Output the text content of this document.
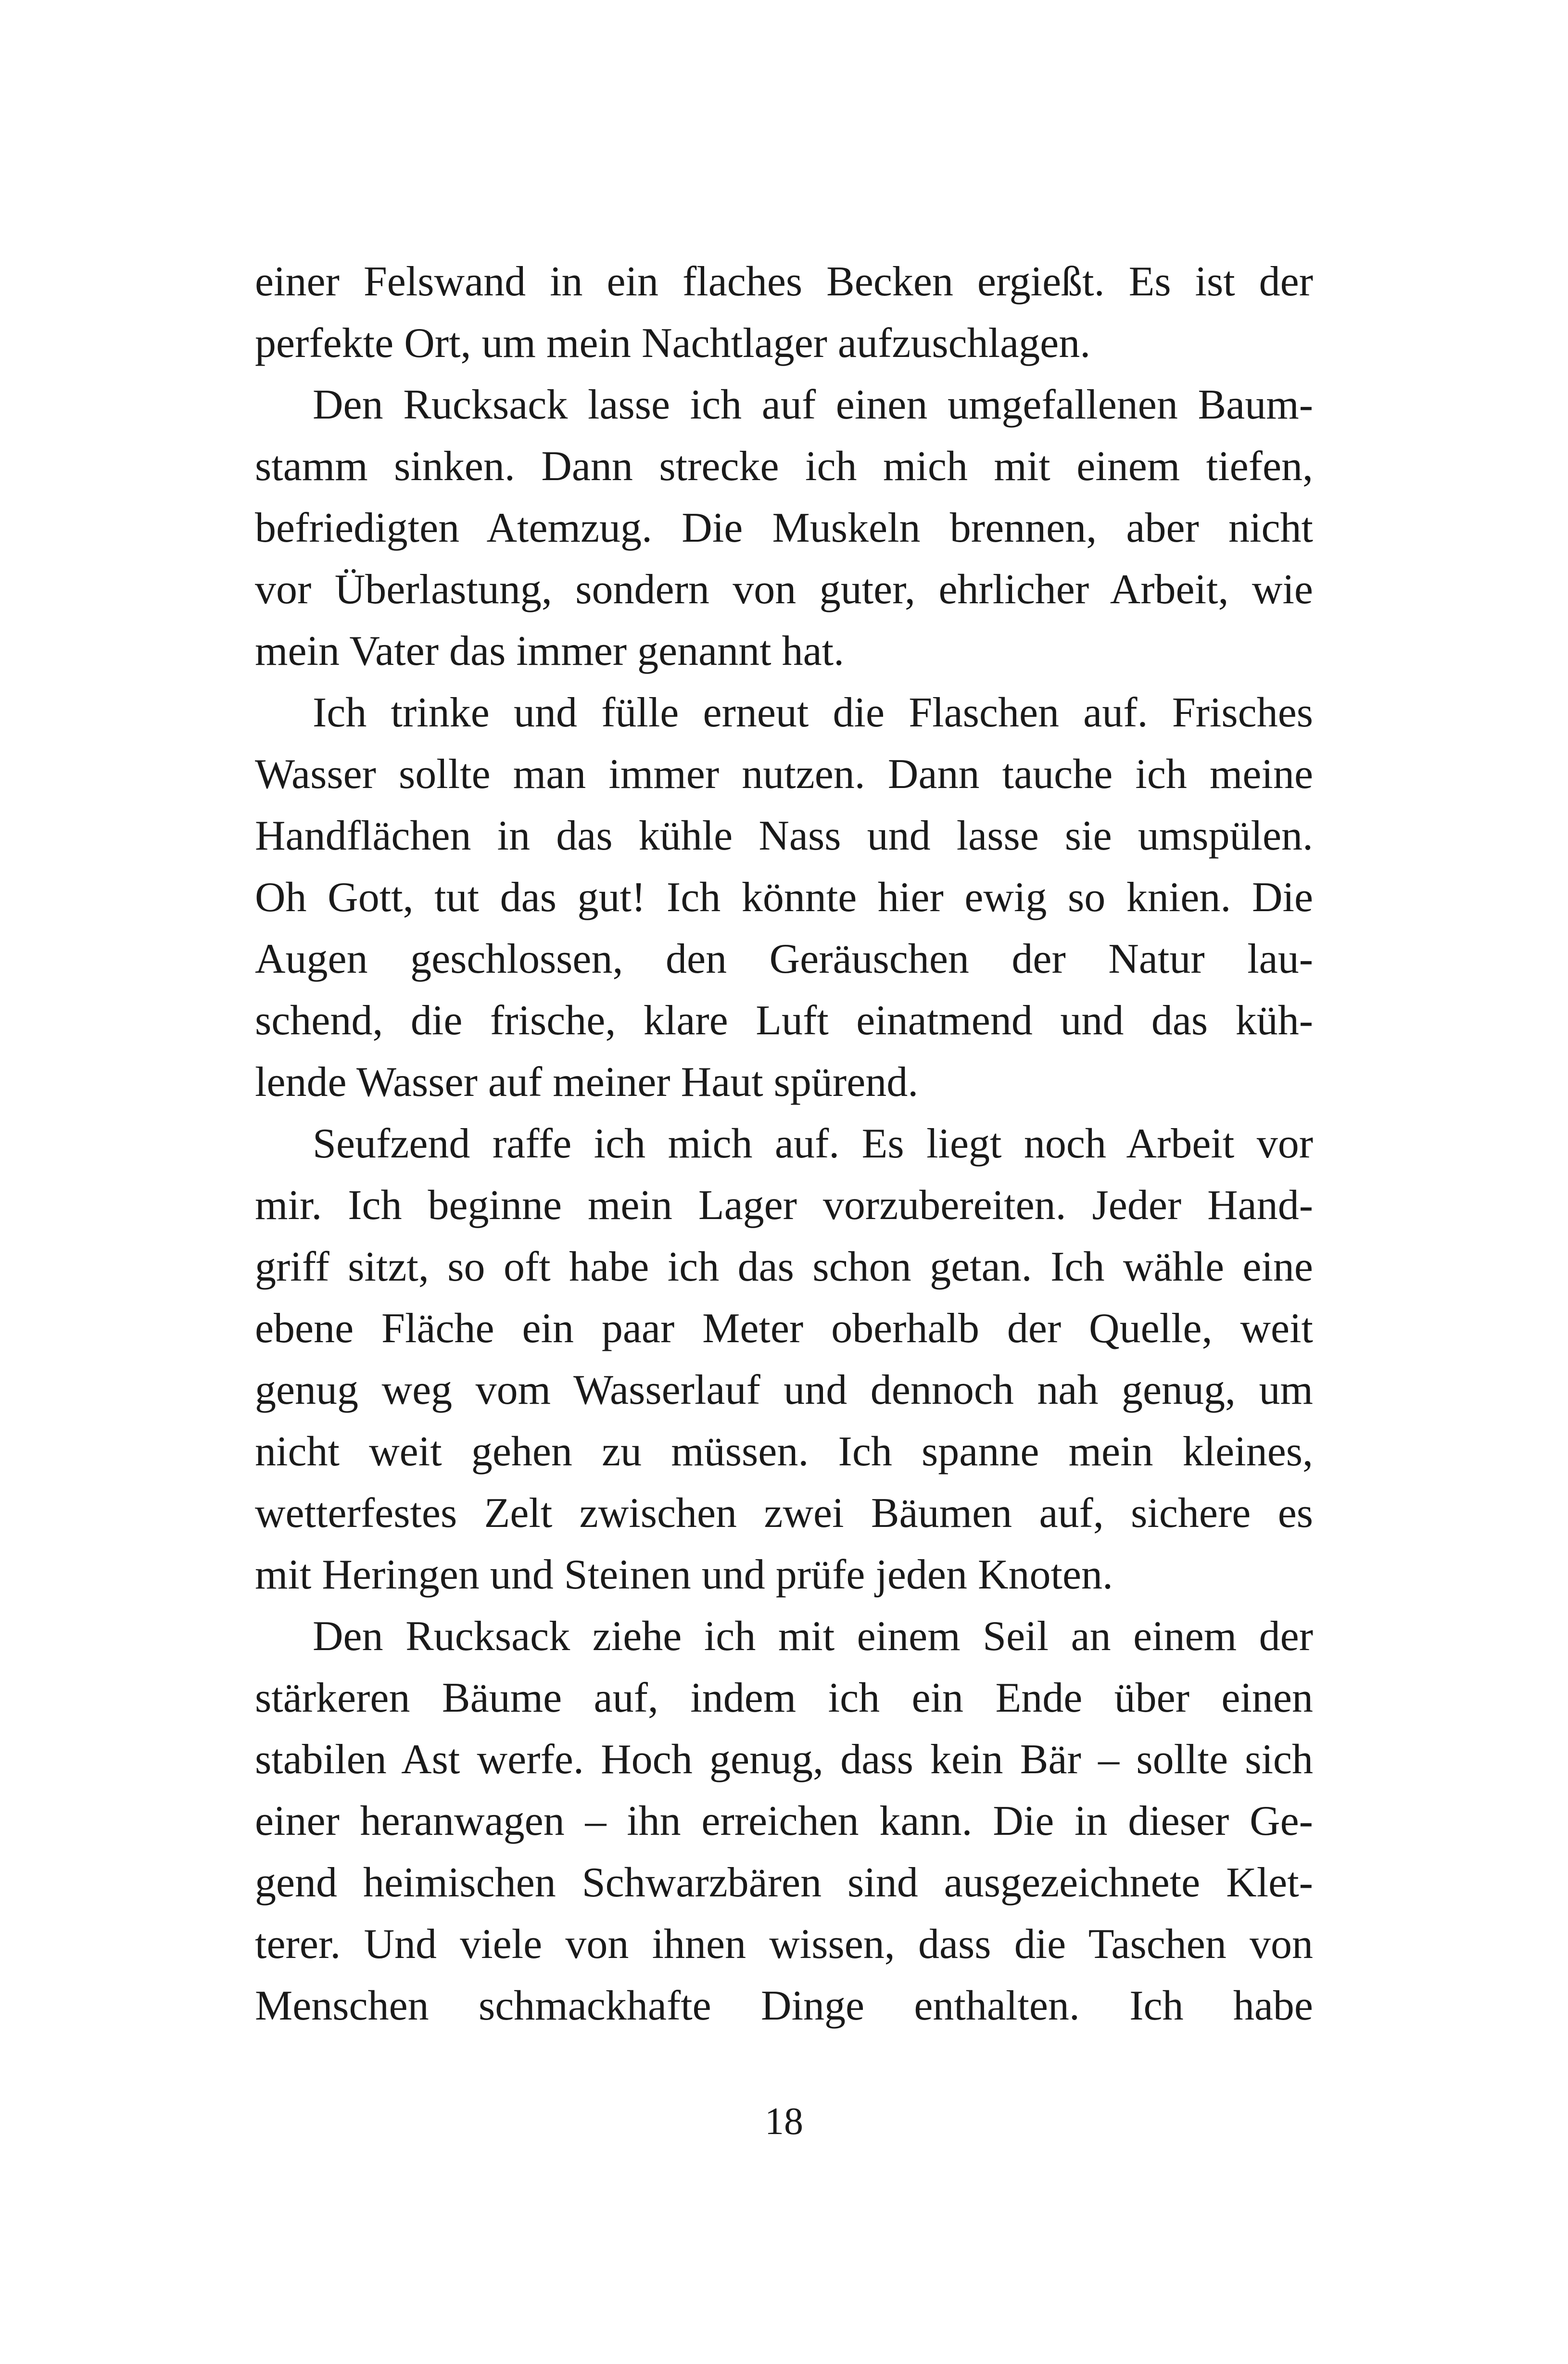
einer Felswand in ein flaches Becken ergießt. Es ist der
perfekte Ort, um mein Nachtlager aufzuschlagen.
Den Rucksack lasse ich auf einen umgefallenen Baum-
stamm sinken. Dann strecke ich mich mit einem tiefen,
befriedigten Atemzug. Die Muskeln brennen, aber nicht
vor Überlastung, sondern von guter, ehrlicher Arbeit, wie
mein Vater das immer genannt hat.
Ich trinke und fülle erneut die Flaschen auf. Frisches
Wasser sollte man immer nutzen. Dann tauche ich meine
Handflächen in das kühle Nass und lasse sie umspülen.
Oh Gott, tut das gut! Ich könnte hier ewig so knien. Die
Augen geschlossen, den Geräuschen der Natur lau-
schend, die frische, klare Luft einatmend und das küh-
lende Wasser auf meiner Haut spürend.
Seufzend raffe ich mich auf. Es liegt noch Arbeit vor
mir. Ich beginne mein Lager vorzubereiten. Jeder Hand-
griff sitzt, so oft habe ich das schon getan. Ich wähle eine
ebene Fläche ein paar Meter oberhalb der Quelle, weit
genug weg vom Wasserlauf und dennoch nah genug, um
nicht weit gehen zu müssen. Ich spanne mein kleines,
wetterfestes Zelt zwischen zwei Bäumen auf, sichere es
mit Heringen und Steinen und prüfe jeden Knoten.
Den Rucksack ziehe ich mit einem Seil an einem der
stärkeren Bäume auf, indem ich ein Ende über einen
stabilen Ast werfe. Hoch genug, dass kein Bär – sollte sich
einer heranwagen – ihn erreichen kann. Die in dieser Ge-
gend heimischen Schwarzbären sind ausgezeichnete Klet-
terer. Und viele von ihnen wissen, dass die Taschen von
Menschen schmackhafte Dinge enthalten. Ich habe
18
